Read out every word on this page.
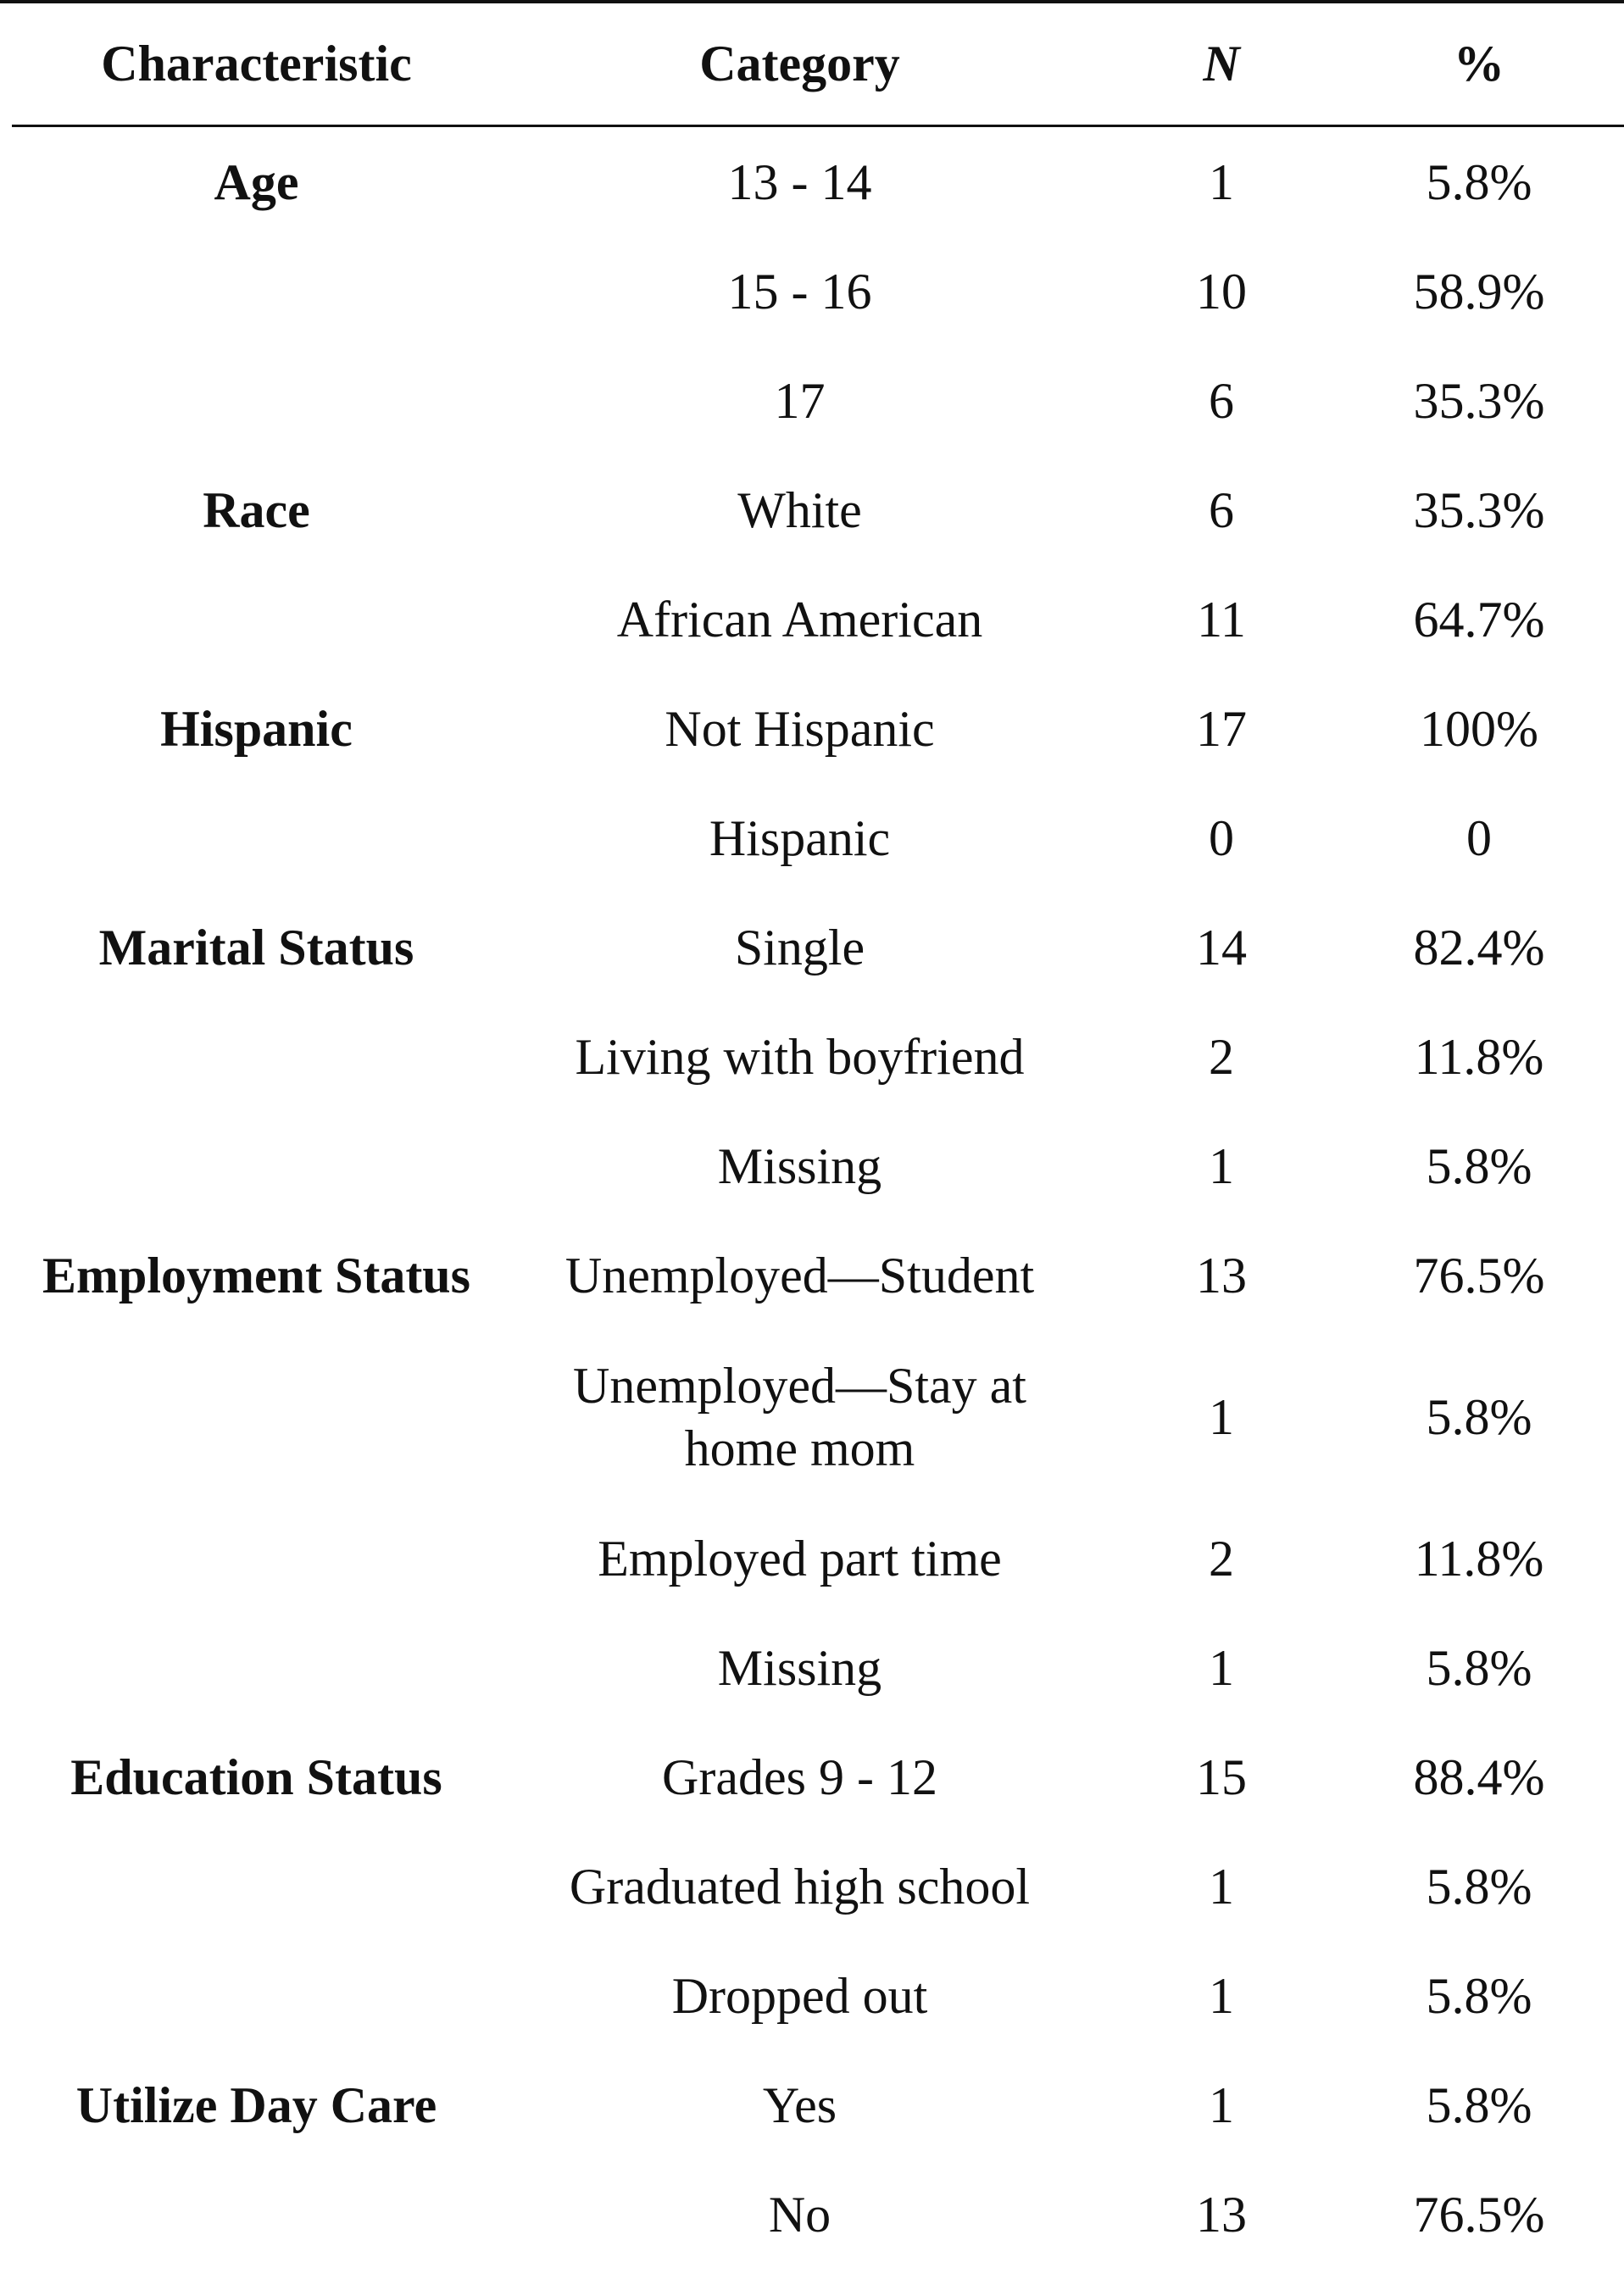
Characteristic	Category	N	%
Age	13 - 14	1	5.8%
	15 - 16	10	58.9%
	17	6	35.3%
Race	White	6	35.3%
	African American	11	64.7%
Hispanic	Not Hispanic	17	100%
	Hispanic	0	0
Marital Status	Single	14	82.4%
	Living with boyfriend	2	11.8%
	Missing	1	5.8%
Employment Status	Unemployed—Student	13	76.5%
	Unemployed—Stay at home mom	1	5.8%
	Employed part time	2	11.8%
	Missing	1	5.8%
Education Status	Grades 9 - 12	15	88.4%
	Graduated high school	1	5.8%
	Dropped out	1	5.8%
Utilize Day Care	Yes	1	5.8%
	No	13	76.5%
